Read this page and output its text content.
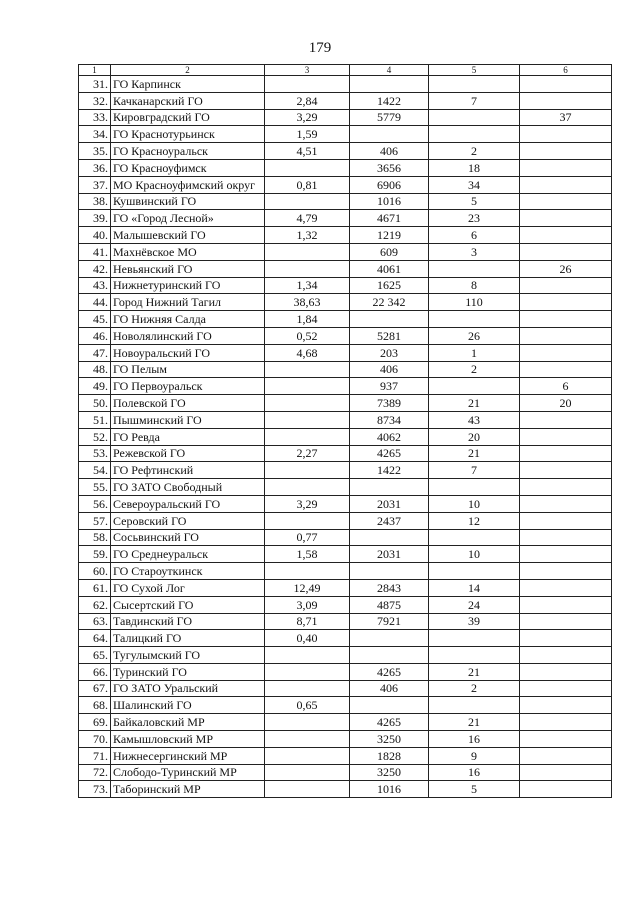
179
1	2	3	4	5	6
31.	ГО Карпинск				
32.	Качканарский ГО	2,84	1422	7	
33.	Кировградский ГО	3,29	5779		37
34.	ГО Краснотурьинск	1,59			
35.	ГО Красноуральск	4,51	406	2	
36.	ГО Красноуфимск		3656	18	
37.	МО Красноуфимский округ	0,81	6906	34	
38.	Кушвинский ГО		1016	5	
39.	ГО «Город Лесной»	4,79	4671	23	
40.	Малышевский ГО	1,32	1219	6	
41.	Махнёвское МО		609	3	
42.	Невьянский ГО		4061		26
43.	Нижнетуринский ГО	1,34	1625	8	
44.	Город Нижний Тагил	38,63	22 342	110	
45.	ГО Нижняя Салда	1,84			
46.	Новолялинский ГО	0,52	5281	26	
47.	Новоуральский ГО	4,68	203	1	
48.	ГО Пелым		406	2	
49.	ГО Первоуральск		937		6
50.	Полевской ГО		7389	21	20
51.	Пышминский ГО		8734	43	
52.	ГО Ревда		4062	20	
53.	Режевской ГО	2,27	4265	21	
54.	ГО Рефтинский		1422	7	
55.	ГО ЗАТО Свободный				
56.	Североуральский ГО	3,29	2031	10	
57.	Серовский ГО		2437	12	
58.	Сосьвинский ГО	0,77			
59.	ГО Среднеуральск	1,58	2031	10	
60.	ГО Староуткинск				
61.	ГО Сухой Лог	12,49	2843	14	
62.	Сысертский ГО	3,09	4875	24	
63.	Тавдинский ГО	8,71	7921	39	
64.	Талицкий ГО	0,40			
65.	Тугулымский ГО				
66.	Туринский ГО		4265	21	
67.	ГО ЗАТО Уральский		406	2	
68.	Шалинский ГО	0,65			
69.	Байкаловский МР		4265	21	
70.	Камышловский МР		3250	16	
71.	Нижнесергинский МР		1828	9	
72.	Слободо-Туринский МР		3250	16	
73.	Таборинский МР		1016	5	
